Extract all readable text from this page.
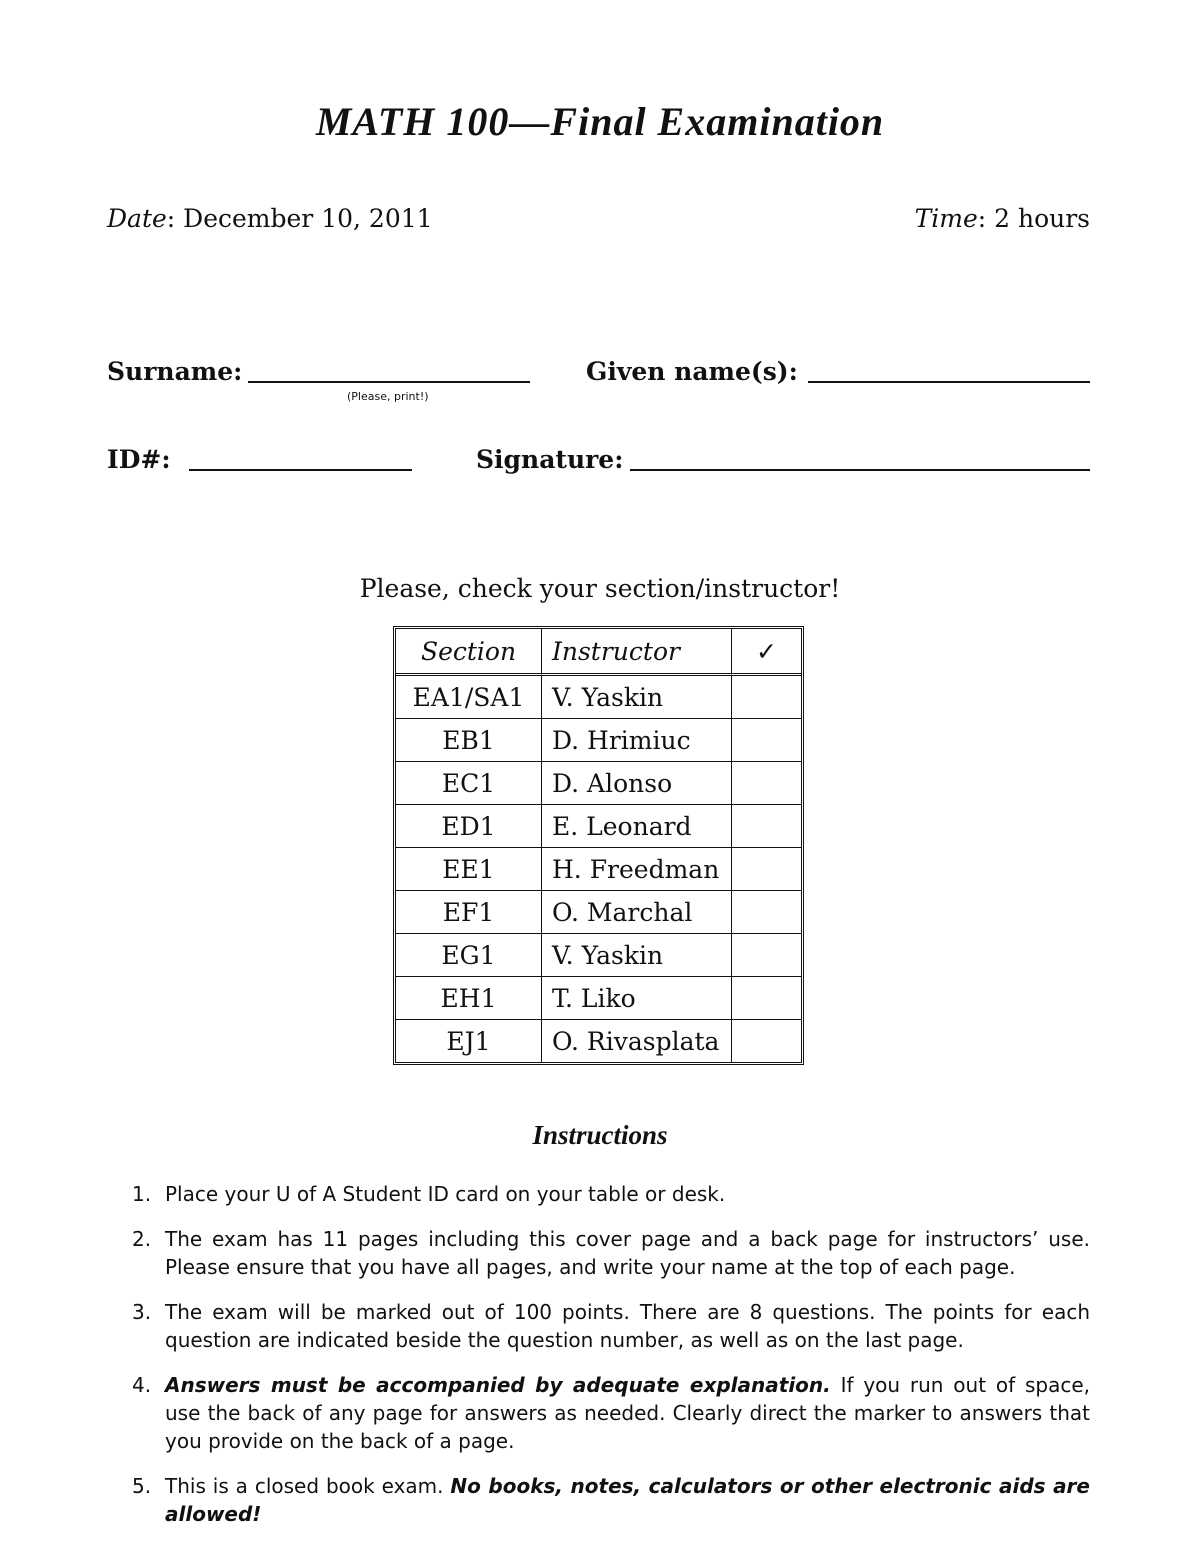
MATH 100—Final Examination
Date: December 10, 2011	Time: 2 hours
Surname:
(Please, print!)
Given name(s):
ID#:	Signature:
Please, check your section/instructor!
Section	Instructor	✓
EA1/SA1	V. Yaskin	
EB1	D. Hrimiuc	
EC1	D. Alonso	
ED1	E. Leonard	
EE1	H. Freedman	
EF1	O. Marchal	
EG1	V. Yaskin	
EH1	T. Liko	
EJ1	O. Rivasplata	
Instructions
1. Place your U of A Student ID card on your table or desk.
2. The exam has 11 pages including this cover page and a back page for instructors’ use. Please ensure that you have all pages, and write your name at the top of each page.
3. The exam will be marked out of 100 points. There are 8 questions. The points for each question are indicated beside the question number, as well as on the last page.
4. Answers must be accompanied by adequate explanation. If you run out of space, use the back of any page for answers as needed. Clearly direct the marker to answers that you provide on the back of a page.
5. This is a closed book exam. No books, notes, calculators or other electronic aids are allowed!
